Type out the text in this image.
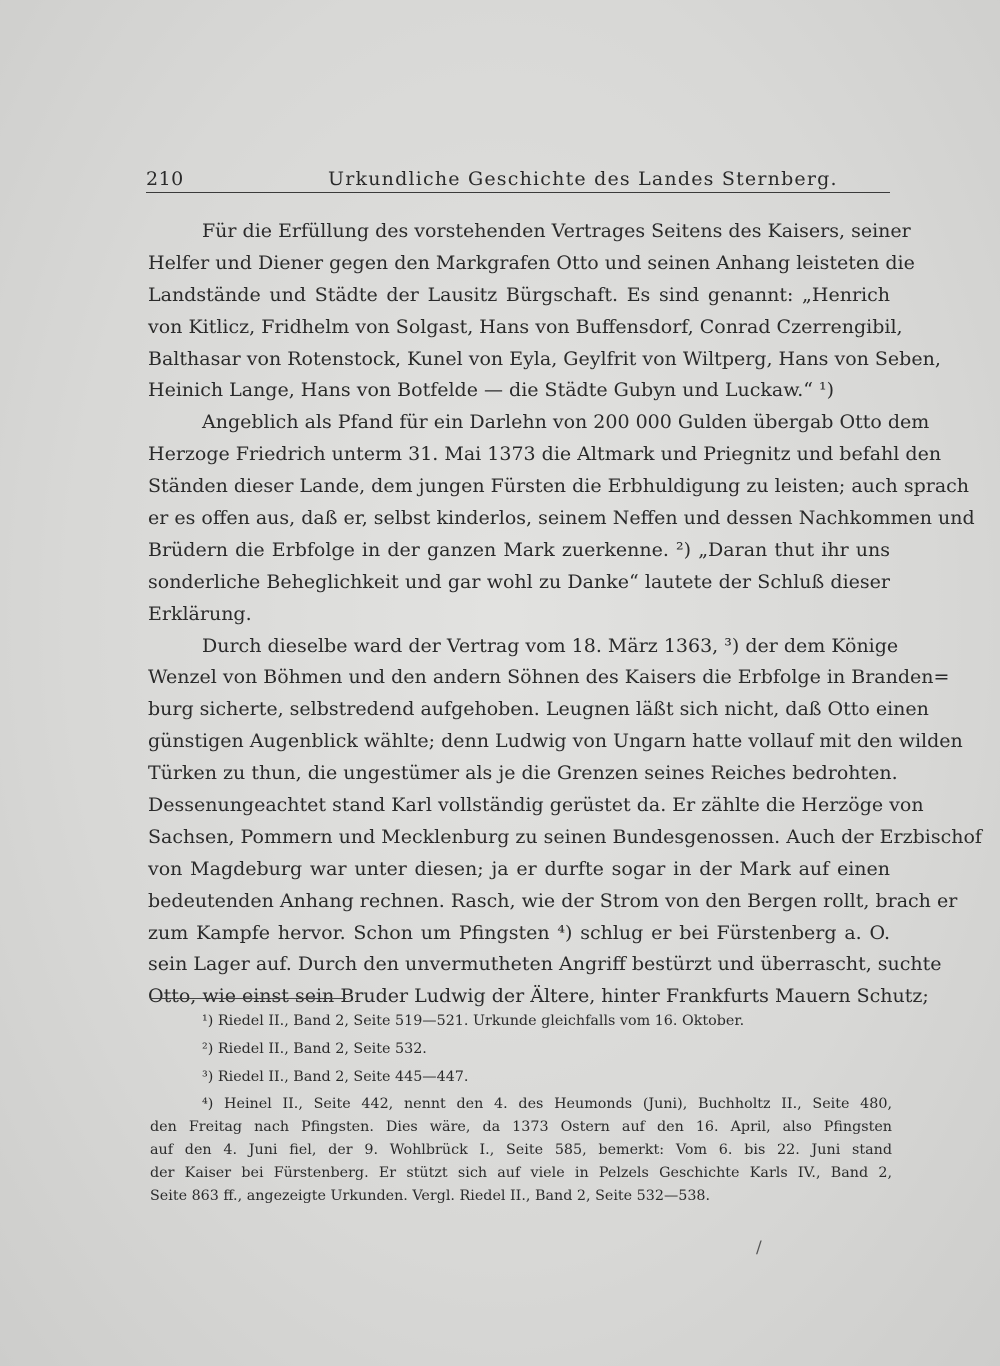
210	Urkundliche Geschichte des Landes Sternberg.
Für die Erfüllung des vorstehenden Vertrages Seitens des Kaisers, seiner
Helfer und Diener gegen den Markgrafen Otto und seinen Anhang leisteten die
Landstände und Städte der Lausitz Bürgschaft. Es sind genannt: „Henrich
von Kitlicz, Fridhelm von Solgast, Hans von Buffensdorf, Conrad Czerrengibil,
Balthasar von Rotenstock, Kunel von Eyla, Geylfrit von Wiltperg, Hans von Seben,
Heinich Lange, Hans von Botfelde — die Städte Gubyn und Luckaw.“ ¹)
Angeblich als Pfand für ein Darlehn von 200 000 Gulden übergab Otto dem
Herzoge Friedrich unterm 31. Mai 1373 die Altmark und Priegnitz und befahl den
Ständen dieser Lande, dem jungen Fürsten die Erbhuldigung zu leisten; auch sprach
er es offen aus, daß er, selbst kinderlos, seinem Neffen und dessen Nachkommen und
Brüdern die Erbfolge in der ganzen Mark zuerkenne. ²) „Daran thut ihr uns
sonderliche Beheglichkeit und gar wohl zu Danke“ lautete der Schluß dieser
Erklärung.
Durch dieselbe ward der Vertrag vom 18. März 1363, ³) der dem Könige
Wenzel von Böhmen und den andern Söhnen des Kaisers die Erbfolge in Branden=
burg sicherte, selbstredend aufgehoben. Leugnen läßt sich nicht, daß Otto einen
günstigen Augenblick wählte; denn Ludwig von Ungarn hatte vollauf mit den wilden
Türken zu thun, die ungestümer als je die Grenzen seines Reiches bedrohten.
Dessenungeachtet stand Karl vollständig gerüstet da. Er zählte die Herzöge von
Sachsen, Pommern und Mecklenburg zu seinen Bundesgenossen. Auch der Erzbischof
von Magdeburg war unter diesen; ja er durfte sogar in der Mark auf einen
bedeutenden Anhang rechnen. Rasch, wie der Strom von den Bergen rollt, brach er
zum Kampfe hervor. Schon um Pfingsten ⁴) schlug er bei Fürstenberg a. O.
sein Lager auf. Durch den unvermutheten Angriff bestürzt und überrascht, suchte
Otto, wie einst sein Bruder Ludwig der Ältere, hinter Frankfurts Mauern Schutz;
¹) Riedel II., Band 2, Seite 519—521. Urkunde gleichfalls vom 16. Oktober.
²) Riedel II., Band 2, Seite 532.
³) Riedel II., Band 2, Seite 445—447.
⁴) Heinel II., Seite 442, nennt den 4. des Heumonds (Juni), Buchholtz II., Seite 480,
den Freitag nach Pfingsten. Dies wäre, da 1373 Ostern auf den 16. April, also Pfingsten
auf den 4. Juni fiel, der 9. Wohlbrück I., Seite 585, bemerkt: Vom 6. bis 22. Juni stand
der Kaiser bei Fürstenberg. Er stützt sich auf viele in Pelzels Geschichte Karls IV., Band 2,
Seite 863 ff., angezeigte Urkunden. Vergl. Riedel II., Band 2, Seite 532—538.
/
